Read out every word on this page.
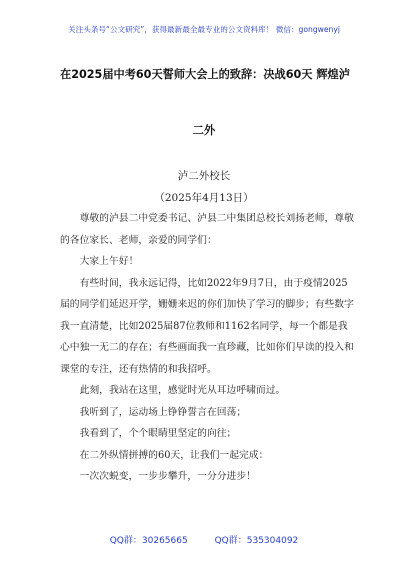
关注头条号“公文研究”，获得最新最全最专业的公文资料库！ 微信：gongwenyj
在2025届中考60天誓师大会上的致辞：决战60天 辉煌泸
二外
泸二外校长
（2025年4月13日）

尊敬的泸县二中党委书记、泸县二中集团总校长刘扬老师，尊敬的各位家长、老师，亲爱的同学们：

大家上午好！

有些时间，我永远记得，比如2022年9月7日，由于疫情2025届的同学们延迟开学，姗姗来迟的你们加快了学习的脚步；有些数字我一直清楚，比如2025届87位教师和1162名同学，每一个都是我心中独一无二的存在；有些画面我一直珍藏，比如你们早读的投入和课堂的专注，还有热情的和我招呼。

此刻，我站在这里，感觉时光从耳边呼啸而过。

我听到了，运动场上铮铮誓言在回荡；

我看到了，个个眼睛里坚定的向往；

在二外纵情拼搏的60天，让我们一起完成：

一次次蜕变，一步步攀升，一分分进步！

QQ群：30265665	QQ群：535304092
